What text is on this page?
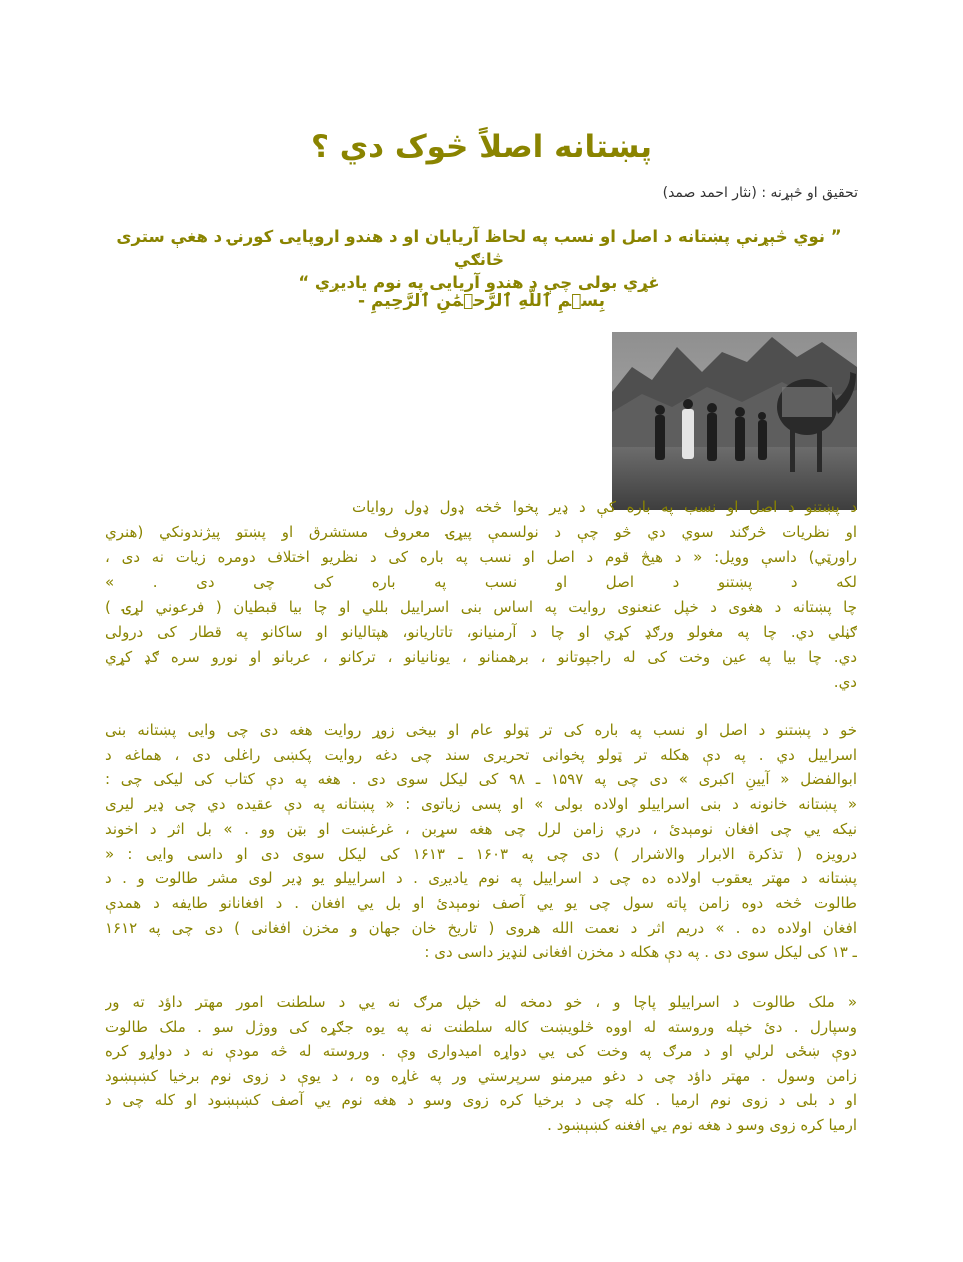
پښتانه اصلاً څوک دي ؟
تحقیق او څېړنه : (نثار احمد صمد)
” نوي څېړنې پښتانه د اصل او نسب په لحاظ آریایان او د هندو اروپایی کورنۍ د هغې ستری څانګي
غړي بولی چې د هندو آریایی په نوم یادیږي “
بِسۡمِ ٱللَّهِ ٱلرَّحۡمَٰنِ ٱلرَّحِيمِ -
د پښتنو د اصل او نسب په باره کې د ډیر پخوا څخه ډول ډول روایات
او نظریات څرګند سوي دي څو چې د نولسمې پیړۍ معروف مستشرق او پښتو پیژندونکي (هنري
راورټي) داسې وویل: « د هیڅ قوم د اصل او نسب په باره کی د نظریو اختلاف دومره زیات نه دی ،
لکه د پښتنو د اصل او نسب په باره کی چی دی . »
چا پښتانه د هغوی د خپل عنعنوی روایت په اساس بنی اسراییل بللي او چا بیا قبطیان ( فرعوني لړۍ )
ګڼلي دي. چا په مغولو ورګډ کړي او چا د آرمنیانو، تاتاریانو، هپتالیانو او ساکانو په قطار کی درولی
دي. چا بیا په عین وخت کی له راجپوتانو ، برهمنانو ، یونانیانو ، ترکانو ، عربانو او نورو سره ګډ کړي
دي.
خو د پښتنو د اصل او نسب په باره کی تر ټولو عام او بیخی زوړ روایت هغه دی چی وایی پښتانه بنی
اسراییل دي . په دې هکله تر ټولو پخوانی تحریری سند چی دغه روایت پکښی راغلی دی ، هماغه د
ابوالفضل « آیینِ اکبری » دی چی په ۱۵۹۷ ـ ۹۸ کی لیکل سوی دی . هغه په دې کتاب کی لیکی چی :
« پښتانه خانونه د بنی اسراییلو اولاده بولی » او پسی زیاتوی : « پښتانه په دې عقیده دي چی ډیر لیری
نیکه یي چی افغان نومېدئ ، دري زامن لرل چی هغه سړبن ، غرغښت او بټن وو . » بل اثر د اخوند
درویزه ( تذکرة الابرار والاشرار ) دی چی په ۱۶۰۳ ـ ۱۶۱۳ کی لیکل سوی دی او داسی وایی : «
پښتانه د مهتر یعقوب اولاده ده چی د اسراییل په نوم یادیږی . د اسراییلو یو ډیر لوی مشر طالوت و . د
طالوت څخه دوه زامن پاته سول چی یو یي آصف نومېدئ او بل یي افغان . د افغانانو طایفه د همدې
افغان اولاده ده . » دریم اثر د نعمت الله هروی ( تاریخ خان جهان و مخزن افغانی ) دی چی په ۱۶۱۲
ـ ۱۳ کی لیکل سوی دی . په دې هکله د مخزن افغانی لنډیز داسی دی :
« ملک طالوت د اسراییلو پاچا و ، خو دمخه له خپل مرګ نه یي د سلطنت امور مهتر داؤد ته ور
وسپارل . دئ خپله وروسته له اووه څلویښت کاله سلطنت نه په یوه جګړه کی ووژل سو . ملک طالوت
دوې ښځی لرلي او د مرګ په وخت کی یي دواړه امیدواری وې . وروسته له څه مودې نه د دواړو کره
زامن وسول . مهتر داؤد چی د دغو میرمنو سرپرستي ور په غاړه وه ، د یوې د زوی نوم برخیا کښېښود
او د بلی د زوی نوم ارمیا . کله چی د برخیا کره زوی وسو د هغه نوم یي آصف کښېښود او کله چی د
ارمیا کره زوی وسو د هغه نوم یي افغنه کښېښود .
